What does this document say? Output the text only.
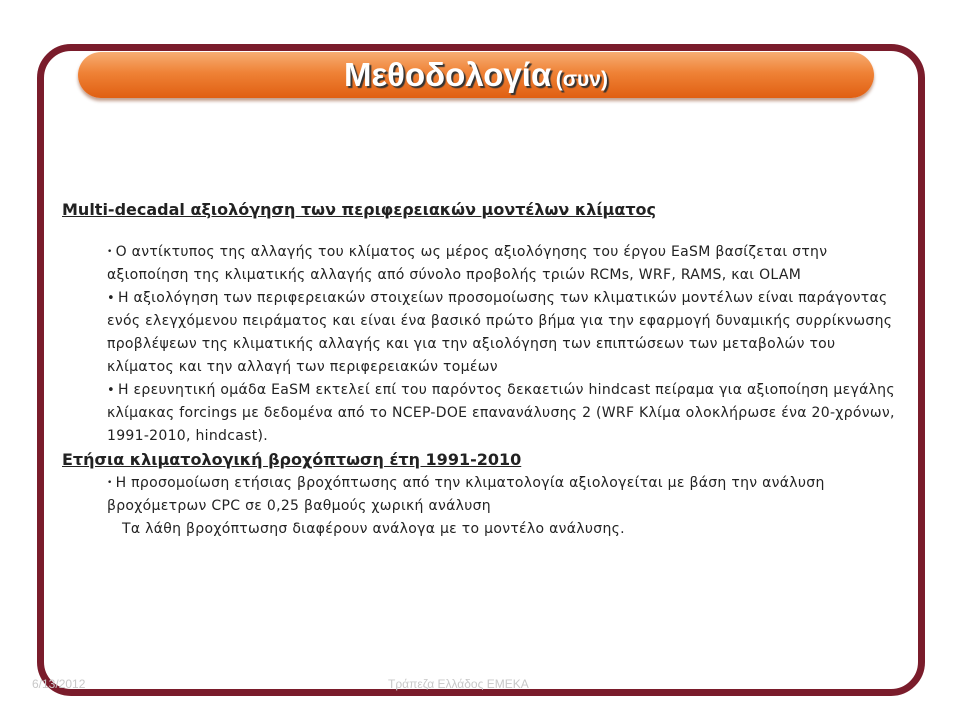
Μεθοδολογία (συν)

Multi-decadal αξιολόγηση των περιφερειακών μοντέλων κλίματος

• Ο αντίκτυπος της αλλαγής του κλίματος ως μέρος αξιολόγησης του έργου EaSM βασίζεται στην αξιοποίηση της κλιματικής αλλαγής από σύνολο προβολής τριών RCMs, WRF, RAMS, και OLAM

• Η αξιολόγηση των περιφερειακών στοιχείων προσομοίωσης των κλιματικών μοντέλων είναι παράγοντας ενός ελεγχόμενου πειράματος και είναι ένα βασικό πρώτο βήμα για την εφαρμογή δυναμικής συρρίκνωσης προβλέψεων της κλιματικής αλλαγής και για την αξιολόγηση των επιπτώσεων των μεταβολών του κλίματος και την αλλαγή των περιφερειακών τομέων

• Η ερευνητική ομάδα EaSM εκτελεί επί του παρόντος δεκαετιών hindcast πείραμα για αξιοποίηση μεγάλης κλίμακας forcings με δεδομένα από το NCEP-DOE επανανάλυσης 2 (WRF Κλίμα ολοκλήρωσε ένα 20-χρόνων, 1991-2010, hindcast).

Ετήσια κλιματολογική βροχόπτωση έτη 1991-2010

• Η προσομοίωση ετήσιας βροχόπτωσης από την κλιματολογία αξιολογείται με βάση την ανάλυση βροχόμετρων CPC σε 0,25 βαθμούς χωρική ανάλυση

Τα λάθη βροχόπτωσησ διαφέρουν ανάλογα με το μοντέλο ανάλυσης.

6/13/2012	Τράπεζα Ελλάδος ΕΜΕΚΑ
